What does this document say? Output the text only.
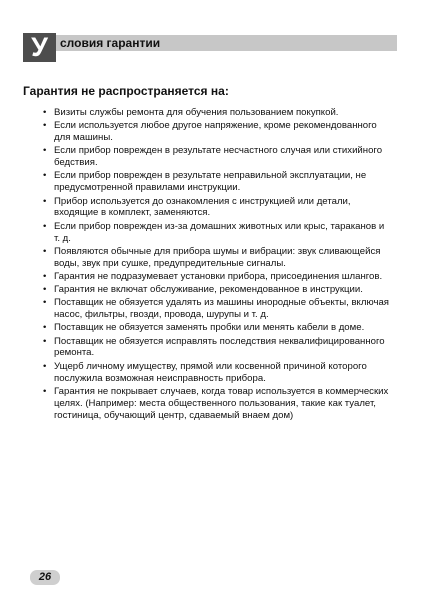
У	словия гарантии
Гарантия не распространяется на:
• Визиты службы ремонта для обучения пользованием покупкой.
• Если используется любое другое напряжение, кроме рекомендованного для машины.
• Если прибор поврежден в результате несчастного случая или стихийного бедствия.
• Если прибор поврежден в результате неправильной эксплуатации, не предусмотренной правилами инструкции.
• Прибор используется до ознакомления с инструкцией или детали, входящие в комплект, заменяются.
• Если прибор поврежден из-за домашних животных или крыс, тараканов и т. д.
• Появляются обычные для прибора шумы и вибрации: звук сливающейся воды, звук при сушке, предупредительные сигналы.
• Гарантия не подразумевает установки прибора, присоединения шлангов.
• Гарантия не включат обслуживание, рекомендованное в инструкции.
• Поставщик не обязуется удалять из машины инородные объекты, включая насос, фильтры, гвозди, провода, шурупы и т. д.
• Поставщик не обязуется заменять пробки или менять кабели в доме.
• Поставщик не обязуется исправлять последствия неквалифицированного ремонта.
• Ущерб личному имуществу, прямой или косвенной причиной которого послужила возможная неисправность прибора.
• Гарантия не покрывает случаев, когда товар используется в коммерческих целях. (Например: места общественного пользования, такие как туалет, гостиница, обучающий центр, сдаваемый внаем дом)
26
